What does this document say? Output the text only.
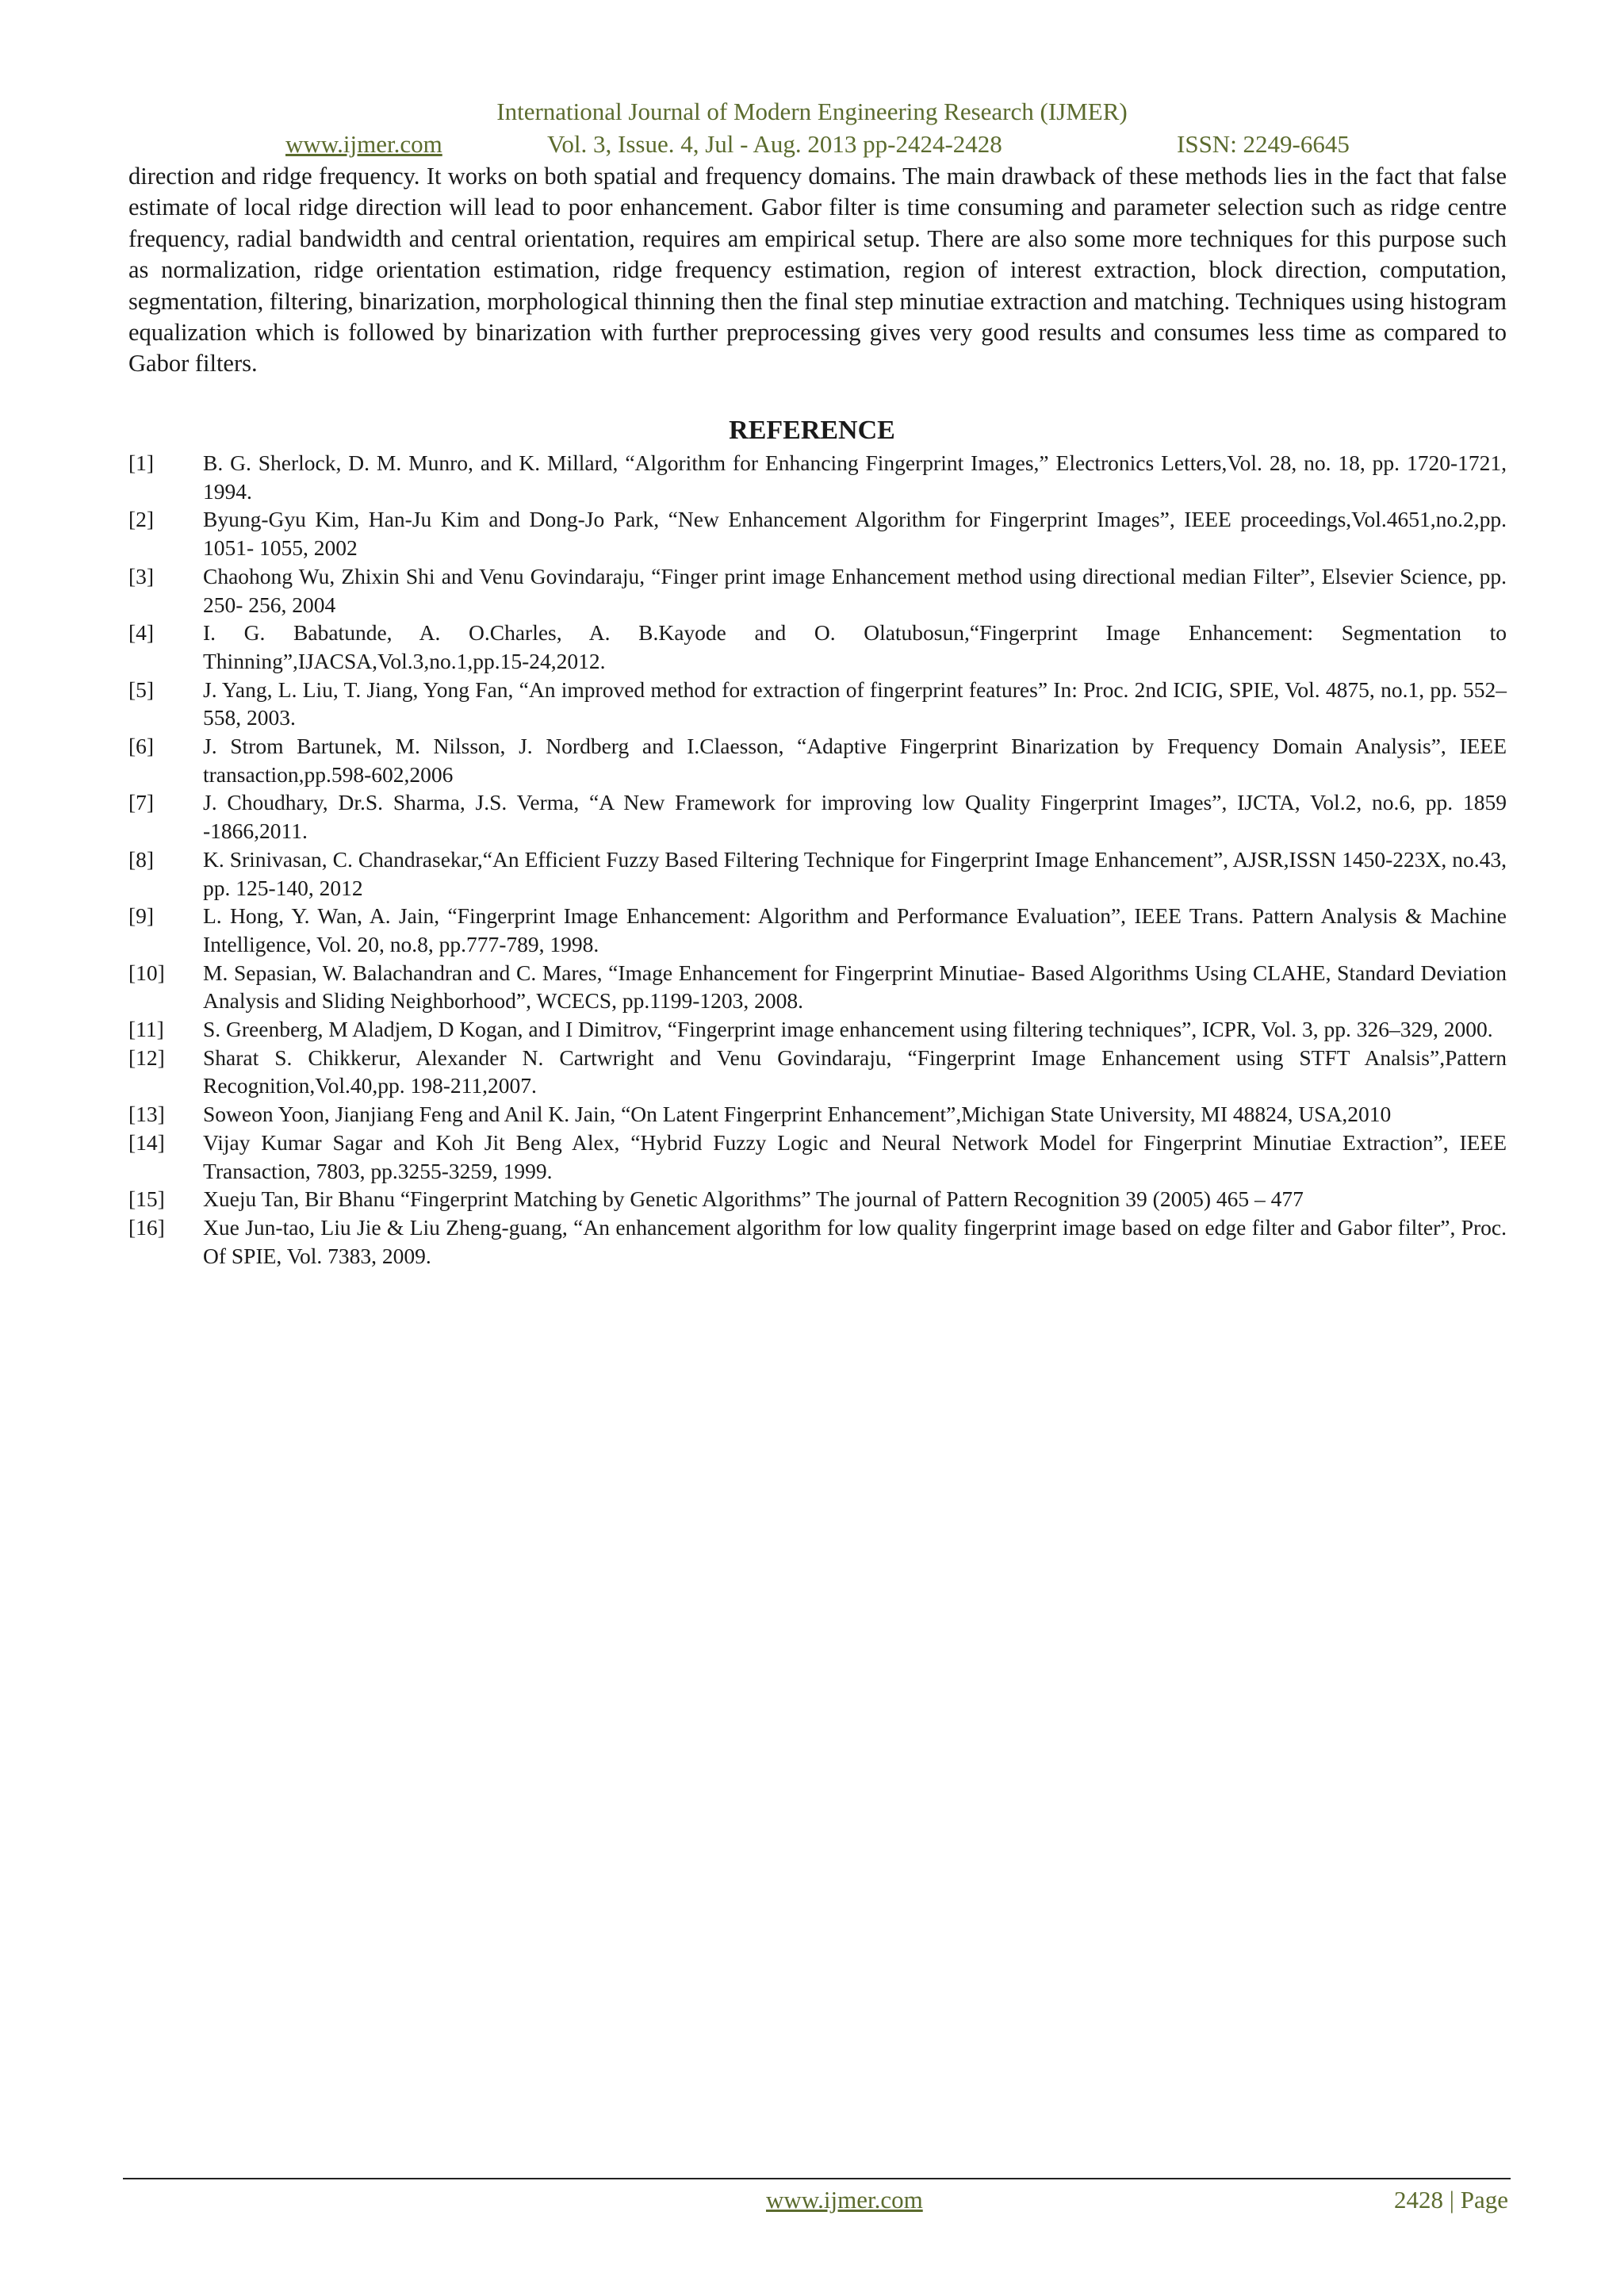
International Journal of Modern Engineering Research (IJMER)
www.ijmer.com	Vol. 3, Issue. 4, Jul - Aug. 2013 pp-2424-2428	ISSN: 2249-6645

direction and ridge frequency. It works on both spatial and frequency domains. The main drawback of these methods lies in the fact that false estimate of local ridge direction will lead to poor enhancement. Gabor filter is time consuming and parameter selection such as ridge centre frequency, radial bandwidth and central orientation, requires am empirical setup. There are also some more techniques for this purpose such as normalization, ridge orientation estimation, ridge frequency estimation, region of interest extraction, block direction, computation, segmentation, filtering, binarization, morphological thinning then the final step minutiae extraction and matching. Techniques using histogram equalization which is followed by binarization with further preprocessing gives very good results and consumes less time as compared to Gabor filters.

REFERENCE
[1] B. G. Sherlock, D. M. Munro, and K. Millard, “Algorithm for Enhancing Fingerprint Images,” Electronics Letters,Vol. 28, no. 18, pp. 1720-1721, 1994.
[2] Byung-Gyu Kim, Han-Ju Kim and Dong-Jo Park, “New Enhancement Algorithm for Fingerprint Images”, IEEE proceedings,Vol.4651,no.2,pp. 1051- 1055, 2002
[3] Chaohong Wu, Zhixin Shi and Venu Govindaraju, “Finger print image Enhancement method using directional median Filter”, Elsevier Science, pp. 250- 256, 2004
[4] I. G. Babatunde, A. O.Charles, A. B.Kayode and O. Olatubosun,“Fingerprint Image Enhancement: Segmentation to Thinning”,IJACSA,Vol.3,no.1,pp.15-24,2012.
[5] J. Yang, L. Liu, T. Jiang, Yong Fan, “An improved method for extraction of fingerprint features” In: Proc. 2nd ICIG, SPIE, Vol. 4875, no.1, pp. 552–558, 2003.
[6] J. Strom Bartunek, M. Nilsson, J. Nordberg and I.Claesson, “Adaptive Fingerprint Binarization by Frequency Domain Analysis”, IEEE transaction,pp.598-602,2006
[7] J. Choudhary, Dr.S. Sharma, J.S. Verma, “A New Framework for improving low Quality Fingerprint Images”, IJCTA, Vol.2, no.6, pp. 1859 -1866,2011.
[8] K. Srinivasan, C. Chandrasekar,“An Efficient Fuzzy Based Filtering Technique for Fingerprint Image Enhancement”, AJSR,ISSN 1450-223X, no.43, pp. 125-140, 2012
[9] L. Hong, Y. Wan, A. Jain, “Fingerprint Image Enhancement: Algorithm and Performance Evaluation”, IEEE Trans. Pattern Analysis & Machine Intelligence, Vol. 20, no.8, pp.777-789, 1998.
[10] M. Sepasian, W. Balachandran and C. Mares, “Image Enhancement for Fingerprint Minutiae- Based Algorithms Using CLAHE, Standard Deviation Analysis and Sliding Neighborhood”, WCECS, pp.1199-1203, 2008.
[11] S. Greenberg, M Aladjem, D Kogan, and I Dimitrov, “Fingerprint image enhancement using filtering techniques”, ICPR, Vol. 3, pp. 326–329, 2000.
[12] Sharat S. Chikkerur, Alexander N. Cartwright and Venu Govindaraju, “Fingerprint Image Enhancement using STFT Analsis”,Pattern Recognition,Vol.40,pp. 198-211,2007.
[13] Soweon Yoon, Jianjiang Feng and Anil K. Jain, “On Latent Fingerprint Enhancement”,Michigan State University, MI 48824, USA,2010
[14] Vijay Kumar Sagar and Koh Jit Beng Alex, “Hybrid Fuzzy Logic and Neural Network Model for Fingerprint Minutiae Extraction”, IEEE Transaction, 7803, pp.3255-3259, 1999.
[15] Xueju Tan, Bir Bhanu “Fingerprint Matching by Genetic Algorithms” The journal of Pattern Recognition 39 (2005) 465 – 477
[16] Xue Jun-tao, Liu Jie & Liu Zheng-guang, “An enhancement algorithm for low quality fingerprint image based on edge filter and Gabor filter”, Proc. Of SPIE, Vol. 7383, 2009.
www.ijmer.com	2428 | Page
